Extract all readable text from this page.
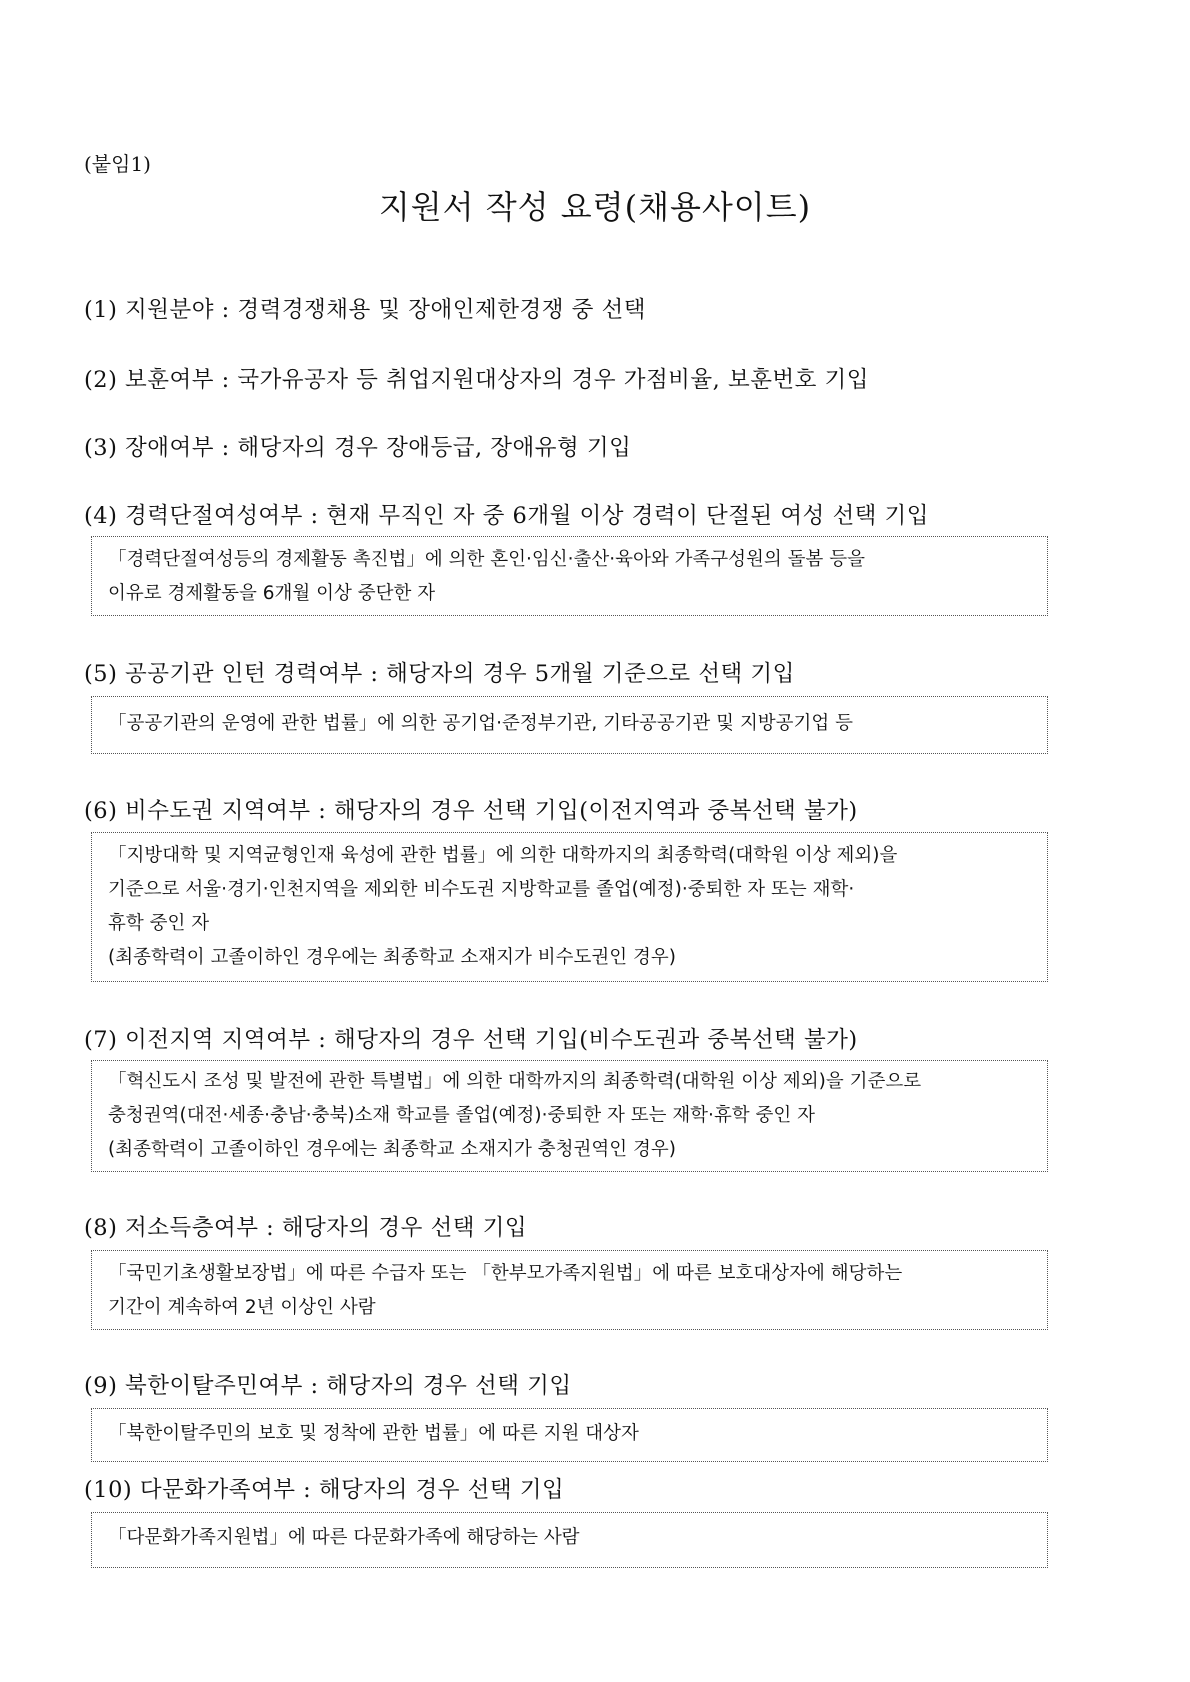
(붙임1)
지원서 작성 요령(채용사이트)
(1) 지원분야 : 경력경쟁채용 및 장애인제한경쟁 중 선택
(2) 보훈여부 : 국가유공자 등 취업지원대상자의 경우 가점비율, 보훈번호 기입
(3) 장애여부 : 해당자의 경우 장애등급, 장애유형 기입
(4) 경력단절여성여부 : 현재 무직인 자 중 6개월 이상 경력이 단절된 여성 선택 기입
「경력단절여성등의 경제활동 촉진법」에 의한 혼인·임신·출산·육아와 가족구성원의 돌봄 등을
이유로 경제활동을 6개월 이상 중단한 자
(5) 공공기관 인턴 경력여부 : 해당자의 경우 5개월 기준으로 선택 기입
「공공기관의 운영에 관한 법률」에 의한 공기업·준정부기관, 기타공공기관 및 지방공기업 등
(6) 비수도권 지역여부 : 해당자의 경우 선택 기입(이전지역과 중복선택 불가)
「지방대학 및 지역균형인재 육성에 관한 법률」에 의한 대학까지의 최종학력(대학원 이상 제외)을
기준으로 서울·경기·인천지역을 제외한 비수도권 지방학교를 졸업(예정)·중퇴한 자 또는 재학·
휴학 중인 자
(최종학력이 고졸이하인 경우에는 최종학교 소재지가 비수도권인 경우)
(7) 이전지역 지역여부 : 해당자의 경우 선택 기입(비수도권과 중복선택 불가)
「혁신도시 조성 및 발전에 관한 특별법」에 의한 대학까지의 최종학력(대학원 이상 제외)을 기준으로
충청권역(대전·세종·충남·충북)소재 학교를 졸업(예정)·중퇴한 자 또는 재학·휴학 중인 자
(최종학력이 고졸이하인 경우에는 최종학교 소재지가 충청권역인 경우)
(8) 저소득층여부 : 해당자의 경우 선택 기입
「국민기초생활보장법」에 따른 수급자 또는 「한부모가족지원법」에 따른 보호대상자에 해당하는
기간이 계속하여 2년 이상인 사람
(9) 북한이탈주민여부 : 해당자의 경우 선택 기입
「북한이탈주민의 보호 및 정착에 관한 법률」에 따른 지원 대상자
(10) 다문화가족여부 : 해당자의 경우 선택 기입
「다문화가족지원법」에 따른 다문화가족에 해당하는 사람
